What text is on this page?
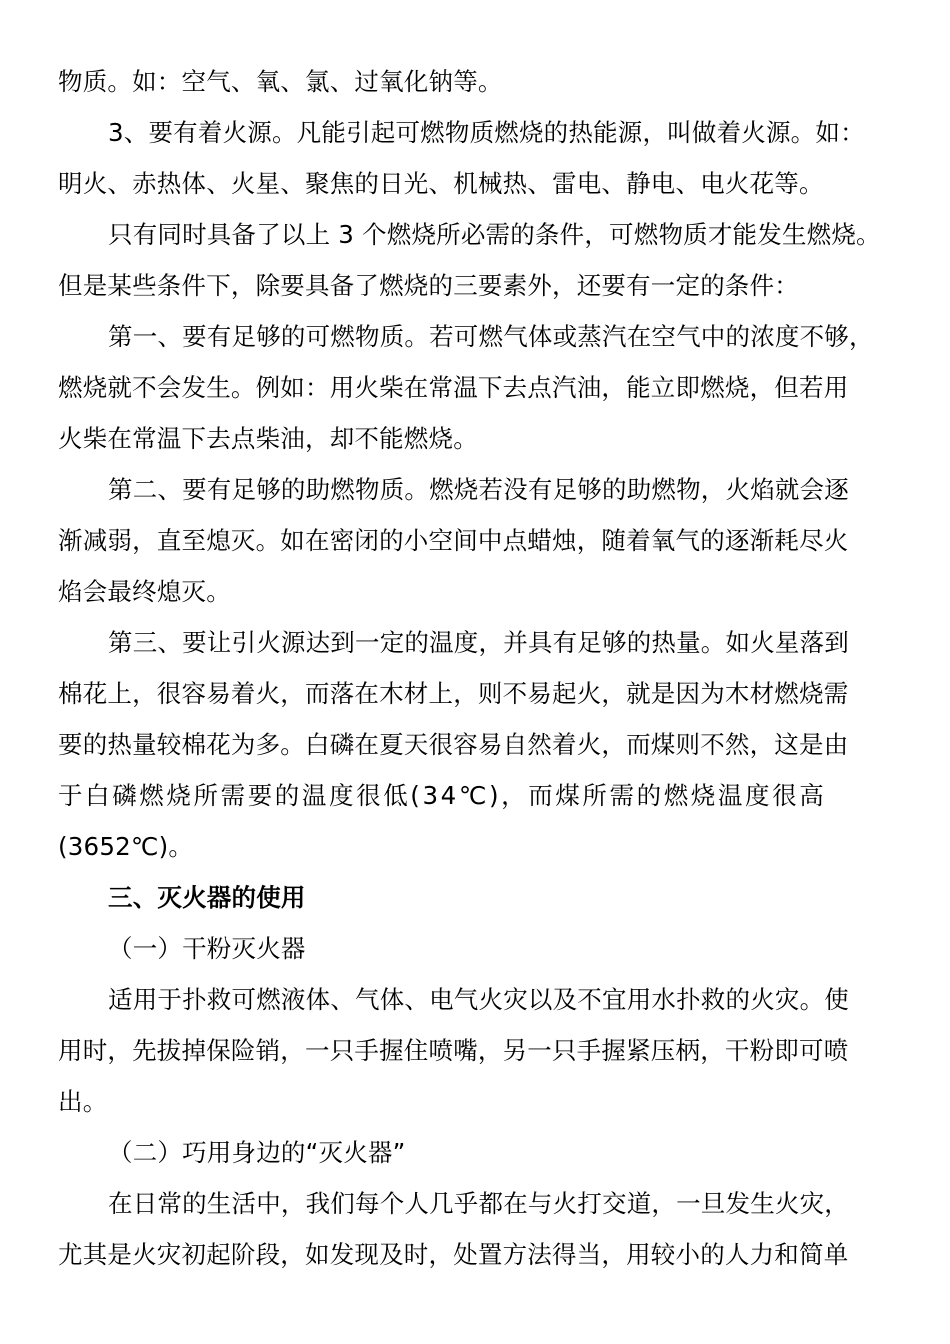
物质。如：空气、氧、氯、过氧化钠等。
3、要有着火源。凡能引起可燃物质燃烧的热能源，叫做着火源。如：
明火、赤热体、火星、聚焦的日光、机械热、雷电、静电、电火花等。
只有同时具备了以上 3 个燃烧所必需的条件，可燃物质才能发生燃烧。
但是某些条件下，除要具备了燃烧的三要素外，还要有一定的条件：
第一、要有足够的可燃物质。若可燃气体或蒸汽在空气中的浓度不够，
燃烧就不会发生。例如：用火柴在常温下去点汽油，能立即燃烧，但若用
火柴在常温下去点柴油，却不能燃烧。
第二、要有足够的助燃物质。燃烧若没有足够的助燃物，火焰就会逐
渐减弱，直至熄灭。如在密闭的小空间中点蜡烛，随着氧气的逐渐耗尽火
焰会最终熄灭。
第三、要让引火源达到一定的温度，并具有足够的热量。如火星落到
棉花上，很容易着火，而落在木材上，则不易起火，就是因为木材燃烧需
要的热量较棉花为多。白磷在夏天很容易自然着火，而煤则不然，这是由
于白磷燃烧所需要的温度很低(34℃)，而煤所需的燃烧温度很高
(3652℃)。
三、灭火器的使用
（一）干粉灭火器
适用于扑救可燃液体、气体、电气火灾以及不宜用水扑救的火灾。使
用时，先拔掉保险销，一只手握住喷嘴，另一只手握紧压柄，干粉即可喷
出。
（二）巧用身边的“灭火器”
在日常的生活中，我们每个人几乎都在与火打交道，一旦发生火灾，
尤其是火灾初起阶段，如发现及时，处置方法得当，用较小的人力和简单
